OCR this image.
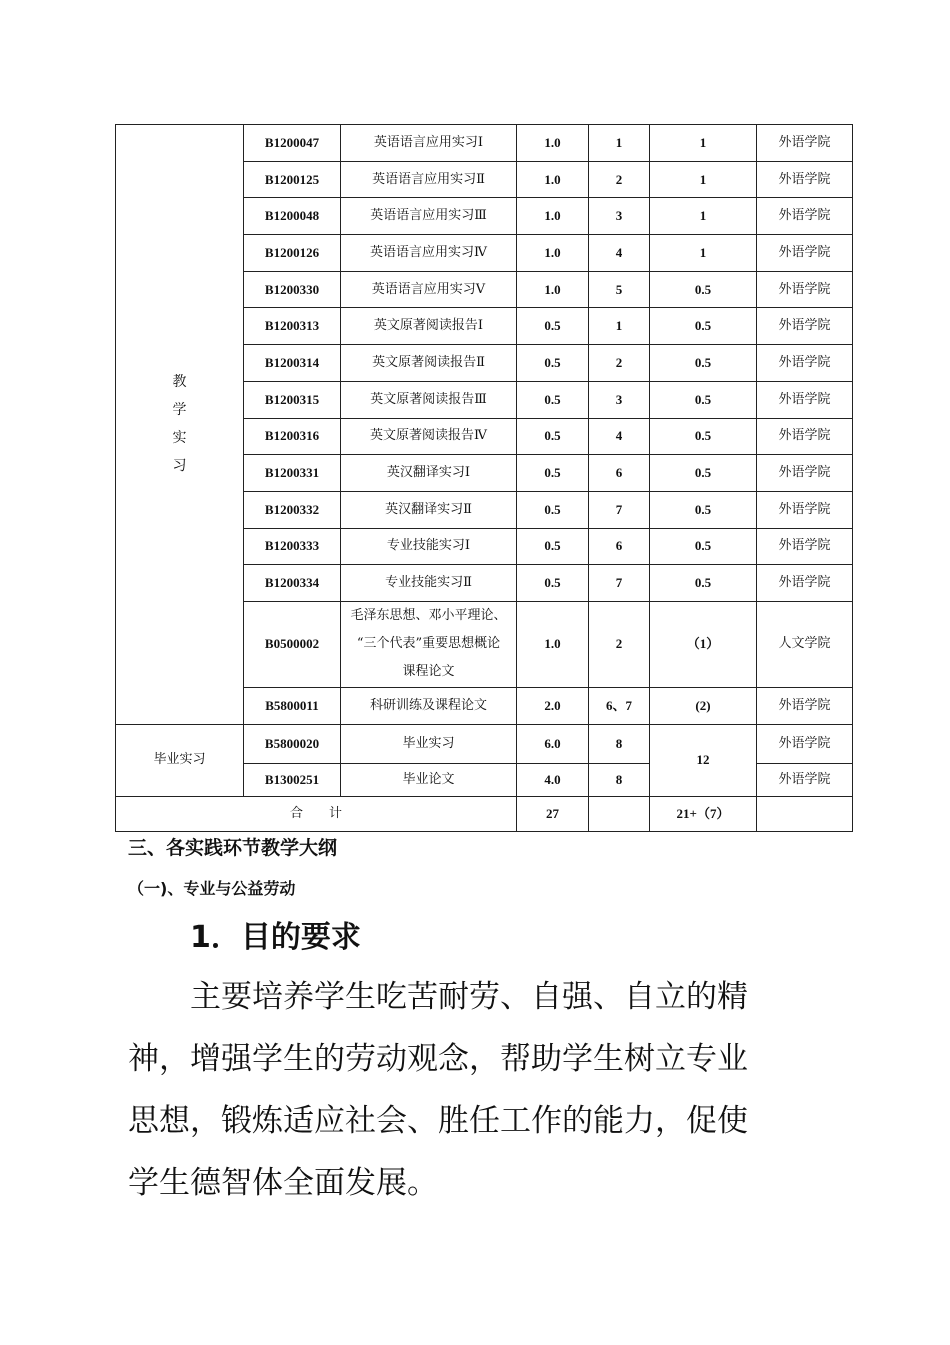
教学实习	B1200047	英语语言应用实习Ⅰ	1.0	1	1	外语学院
	B1200125	英语语言应用实习Ⅱ	1.0	2	1	外语学院
	B1200048	英语语言应用实习Ⅲ	1.0	3	1	外语学院
	B1200126	英语语言应用实习Ⅳ	1.0	4	1	外语学院
	B1200330	英语语言应用实习Ⅴ	1.0	5	0.5	外语学院
	B1200313	英文原著阅读报告Ⅰ	0.5	1	0.5	外语学院
	B1200314	英文原著阅读报告Ⅱ	0.5	2	0.5	外语学院
	B1200315	英文原著阅读报告Ⅲ	0.5	3	0.5	外语学院
	B1200316	英文原著阅读报告Ⅳ	0.5	4	0.5	外语学院
	B1200331	英汉翻译实习Ⅰ	0.5	6	0.5	外语学院
	B1200332	英汉翻译实习Ⅱ	0.5	7	0.5	外语学院
	B1200333	专业技能实习Ⅰ	0.5	6	0.5	外语学院
	B1200334	专业技能实习Ⅱ	0.5	7	0.5	外语学院
	B0500002	毛泽东思想、邓小平理论、
“三个代表”重要思想概论
课程论文	1.0	2	（1）	人文学院
	B5800011	科研训练及课程论文	2.0	6、7	(2)	外语学院
毕业实习	B5800020	毕业实习	6.0	8	12	外语学院
	B1300251	毕业论文	4.0	8		外语学院
合　　计			27		21+（7）	
三、各实践环节教学大纲
（一)、专业与公益劳动
1．目的要求

主要培养学生吃苦耐劳、自强、自立的精神，增强学生的劳动观念，帮助学生树立专业思想，锻炼适应社会、胜任工作的能力，促使学生德智体全面发展。
